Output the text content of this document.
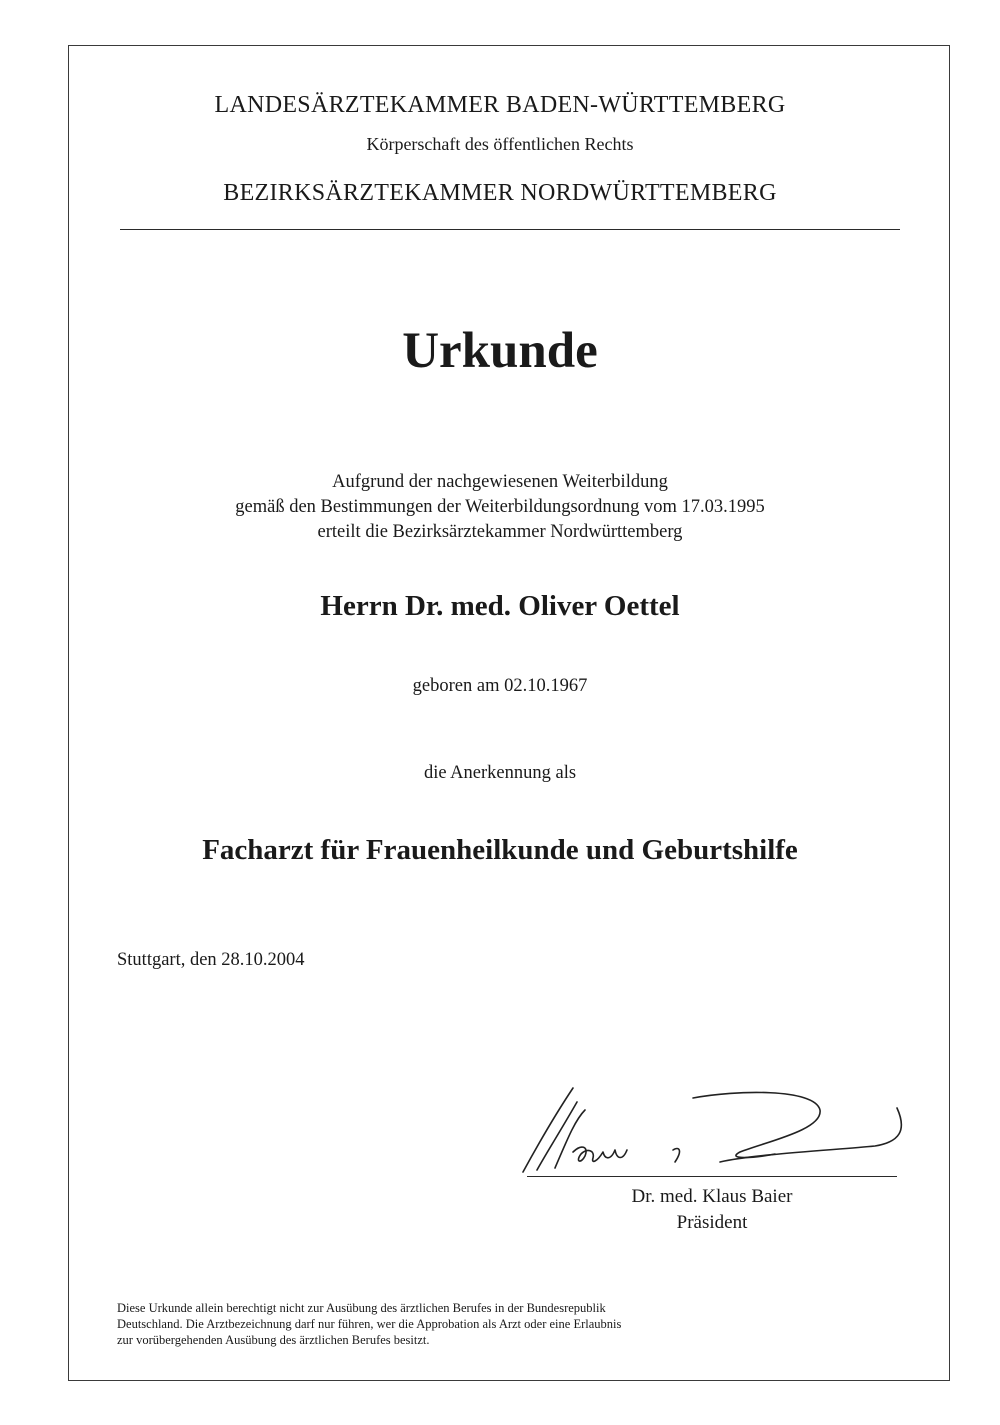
LANDESÄRZTEKAMMER BADEN-WÜRTTEMBERG
Körperschaft des öffentlichen Rechts
BEZIRKSÄRZTEKAMMER NORDWÜRTTEMBERG
Urkunde
Aufgrund der nachgewiesenen Weiterbildung
gemäß den Bestimmungen der Weiterbildungsordnung vom 17.03.1995
erteilt die Bezirksärztekammer Nordwürttemberg
Herrn Dr. med. Oliver Oettel
geboren am 02.10.1967
die Anerkennung als
Facharzt für Frauenheilkunde und Geburtshilfe
Stuttgart, den 28.10.2004
Dr. med. Klaus Baier
Präsident
Diese Urkunde allein berechtigt nicht zur Ausübung des ärztlichen Berufes in der Bundesrepublik
Deutschland. Die Arztbezeichnung darf nur führen, wer die Approbation als Arzt oder eine Erlaubnis
zur vorübergehenden Ausübung des ärztlichen Berufes besitzt.
